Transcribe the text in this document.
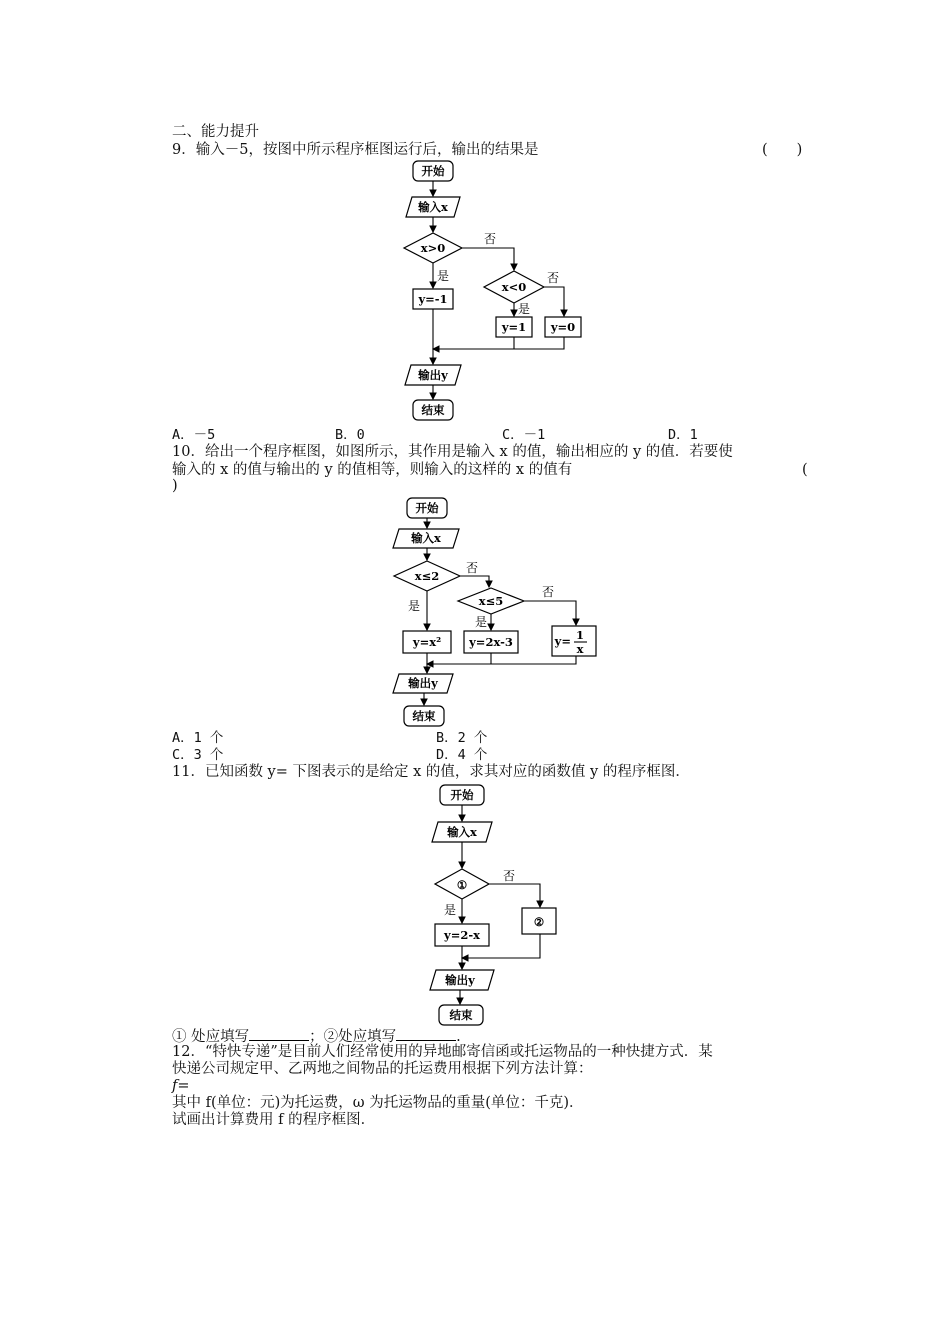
二、能力提升
9．输入－5，按图中所示程序框图运行后，输出的结果是	(　　)
开始
输入x
x>0
否
是
y=-1
x<0
否
是
y=1 y=0
输出y
结束
开始
输入x
x≤2
否
是	x≤5
否
是
y=x² y=2x-3	y= 1
x
输出y
结束
开始
输入x
①
否
是
②
y=2-x
输出y
结束
A．－5	B．0	C．－1	D．1
10．给出一个程序框图，如图所示，其作用是输入 x 的值，输出相应的 y 的值．若要使
输入的 x 的值与输出的 y 的值相等，则输入的这样的 x 的值有	(
)
A．1 个	B．2 个
C．3 个	D．4 个
11．已知函数 y= 下图表示的是给定 x 的值，求其对应的函数值 y 的程序框图．
① 处应填写	；②处应填写	.
12．“特快专递”是目前人们经常使用的异地邮寄信函或托运物品的一种快捷方式．某
快递公司规定甲、乙两地之间物品的托运费用根据下列方法计算：
f=
其中 f(单位：元)为托运费，ω 为托运物品的重量(单位：千克)．
试画出计算费用 f 的程序框图．
